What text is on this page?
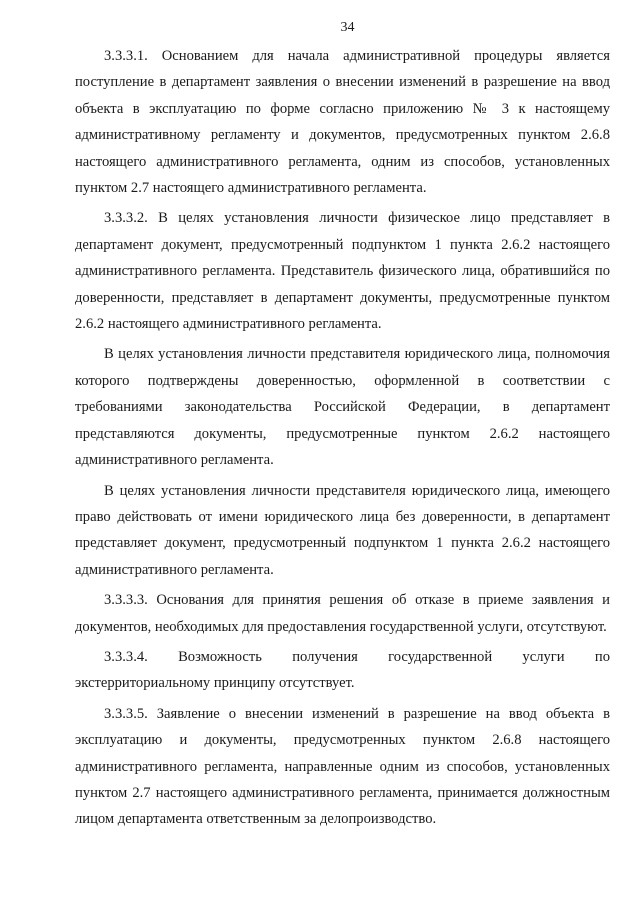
34

3.3.3.1. Основанием для начала административной процедуры является поступление в департамент заявления о внесении изменений в разрешение на ввод объекта в эксплуатацию по форме согласно приложению № 3 к настоящему административному регламенту и документов, предусмотренных пунктом 2.6.8 настоящего административного регламента, одним из способов, установленных пунктом 2.7 настоящего административного регламента.

3.3.3.2. В целях установления личности физическое лицо представляет в департамент документ, предусмотренный подпунктом 1 пункта 2.6.2 настоящего административного регламента. Представитель физического лица, обратившийся по доверенности, представляет в департамент документы, предусмотренные пунктом 2.6.2 настоящего административного регламента.

В целях установления личности представителя юридического лица, полномочия которого подтверждены доверенностью, оформленной в соответствии с требованиями законодательства Российской Федерации, в департамент представляются документы, предусмотренные пунктом 2.6.2 настоящего административного регламента.

В целях установления личности представителя юридического лица, имеющего право действовать от имени юридического лица без доверенности, в департамент представляет документ, предусмотренный подпунктом 1 пункта 2.6.2 настоящего административного регламента.

3.3.3.3. Основания для принятия решения об отказе в приеме заявления и документов, необходимых для предоставления государственной услуги, отсутствуют.

3.3.3.4. Возможность получения государственной услуги по экстерриториальному принципу отсутствует.

3.3.3.5. Заявление о внесении изменений в разрешение на ввод объекта в эксплуатацию и документы, предусмотренных пунктом 2.6.8 настоящего административного регламента, направленные одним из способов, установленных пунктом 2.7 настоящего административного регламента, принимается должностным лицом департамента ответственным за делопроизводство.
